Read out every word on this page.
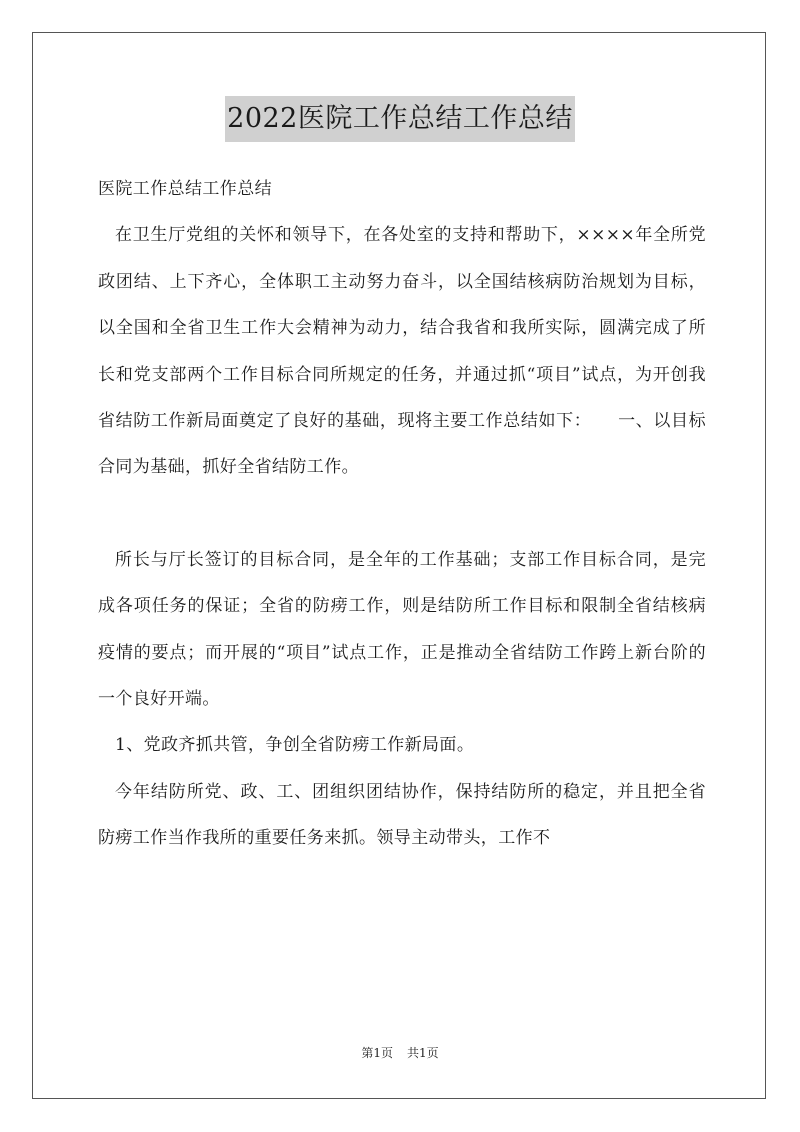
2022医院工作总结工作总结

医院工作总结工作总结

在卫生厅党组的关怀和领导下，在各处室的支持和帮助下，××××年全所党政团结、上下齐心，全体职工主动努力奋斗，以全国结核病防治规划为目标，以全国和全省卫生工作大会精神为动力，结合我省和我所实际，圆满完成了所长和党支部两个工作目标合同所规定的任务，并通过抓“项目”试点，为开创我省结防工作新局面奠定了良好的基础，现将主要工作总结如下：　　一、以目标合同为基础，抓好全省结防工作。

所长与厅长签订的目标合同，是全年的工作基础；支部工作目标合同，是完成各项任务的保证；全省的防痨工作，则是结防所工作目标和限制全省结核病疫情的要点；而开展的“项目”试点工作，正是推动全省结防工作跨上新台阶的一个良好开端。

1、党政齐抓共管，争创全省防痨工作新局面。

今年结防所党、政、工、团组织团结协作，保持结防所的稳定，并且把全省防痨工作当作我所的重要任务来抓。领导主动带头，工作不

第1页 共1页
